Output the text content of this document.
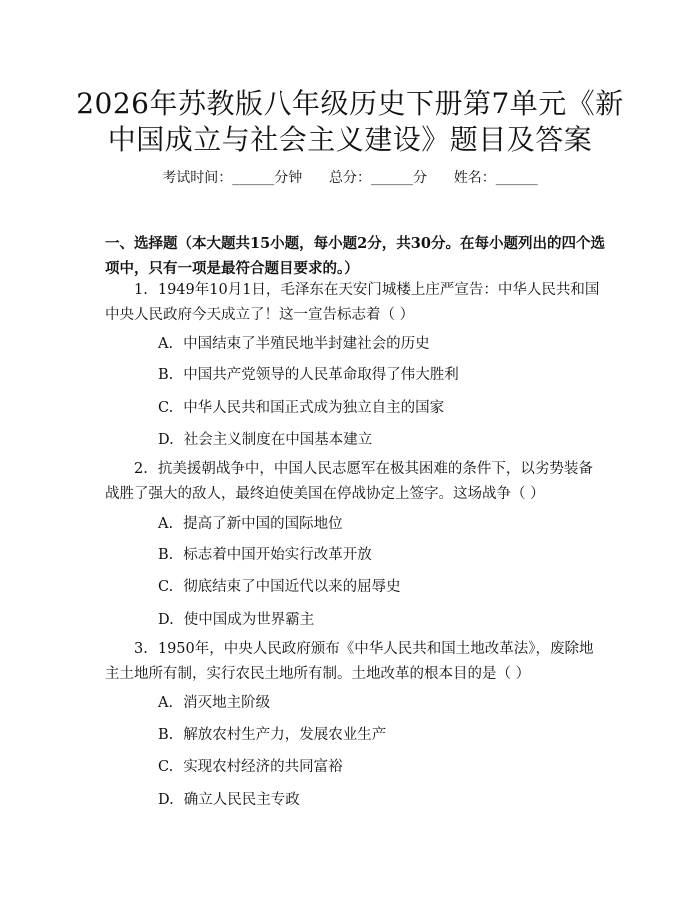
2026年苏教版八年级历史下册第7单元《新
中国成立与社会主义建设》题目及答案
考试时间：______分钟      总分：______分      姓名：______
一、选择题（本大题共15小题，每小题2分，共30分。在每小题列出的四个选项中，只有一项是最符合题目要求的。）

1. 1949年10月1日，毛泽东在天安门城楼上庄严宣告：中华人民共和国中央人民政府今天成立了！这一宣告标志着（ ）

A. 中国结束了半殖民地半封建社会的历史
B. 中国共产党领导的人民革命取得了伟大胜利
C. 中华人民共和国正式成为独立自主的国家
D. 社会主义制度在中国基本建立

2. 抗美援朝战争中，中国人民志愿军在极其困难的条件下，以劣势装备战胜了强大的敌人，最终迫使美国在停战协定上签字。这场战争（ ）

A. 提高了新中国的国际地位
B. 标志着中国开始实行改革开放
C. 彻底结束了中国近代以来的屈辱史
D. 使中国成为世界霸主

3. 1950年，中央人民政府颁布《中华人民共和国土地改革法》，废除地主土地所有制，实行农民土地所有制。土地改革的根本目的是（ ）

A. 消灭地主阶级
B. 解放农村生产力，发展农业生产
C. 实现农村经济的共同富裕
D. 确立人民民主专政
